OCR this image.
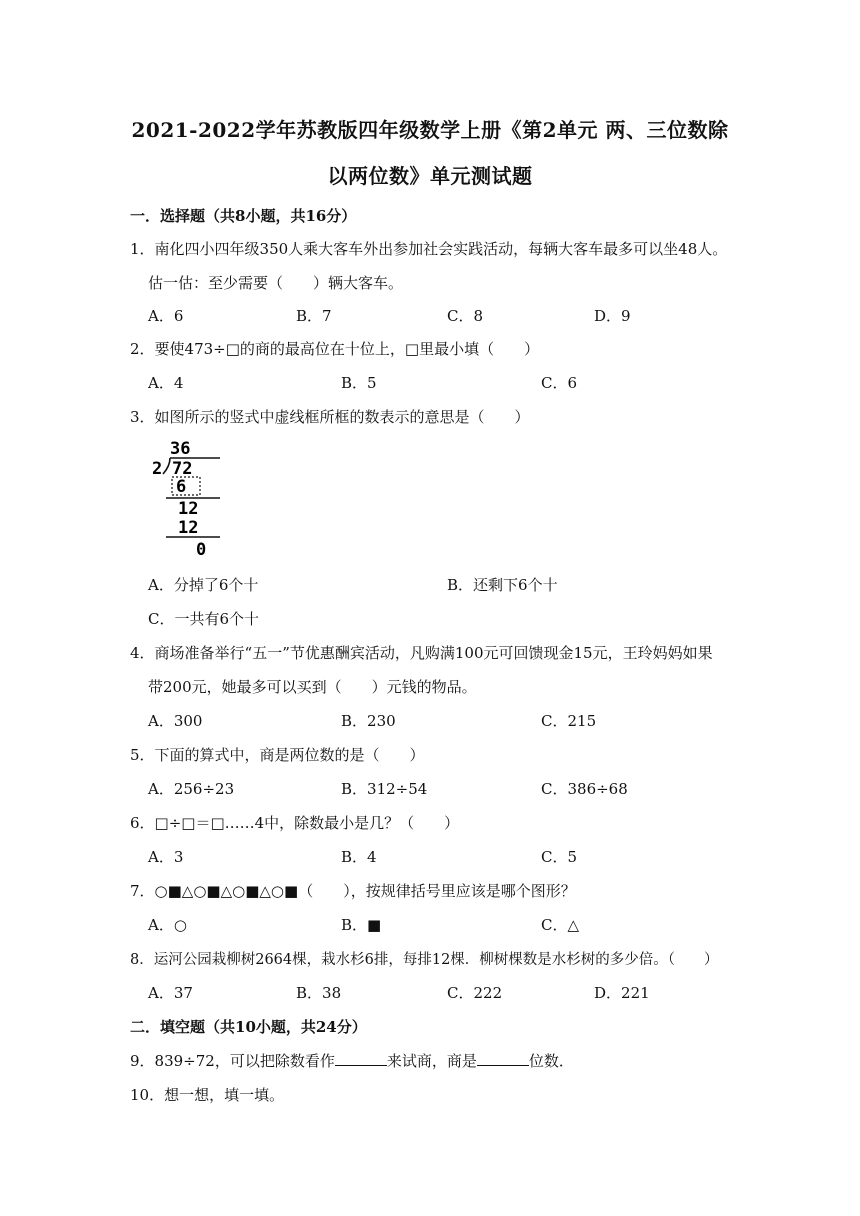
2021-2022学年苏教版四年级数学上册《第2单元 两、三位数除
以两位数》单元测试题
一．选择题（共8小题，共16分）
1．南化四小四年级350人乘大客车外出参加社会实践活动，每辆大客车最多可以坐48人。
估一估：至少需要（　　）辆大客车。
A．6	B．7	C．8	D．9
2．要使473÷□的商的最高位在十位上，□里最小填（　　）
A．4	B．5	C．6
3．如图所示的竖式中虚线框所框的数表示的意思是（　　）
36
2 72
6
12
12
0
A．分掉了6个十	B．还剩下6个十
C．一共有6个十
4．商场准备举行“五一”节优惠酬宾活动，凡购满100元可回馈现金15元，王玲妈妈如果
带200元，她最多可以买到（　　）元钱的物品。
A．300	B．230	C．215
5．下面的算式中，商是两位数的是（　　）
A．256÷23	B．312÷54	C．386÷68
6．□÷□＝□……4中，除数最小是几？（　　）
A．3	B．4	C．5
7．○■△○■△○■△○■（　　），按规律括号里应该是哪个图形？
A．○	B．■	C．△
8．运河公园栽柳树2664棵，栽水杉6排，每排12棵．柳树棵数是水杉树的多少倍。（　　）
A．37	B．38	C．222	D．221
二．填空题（共10小题，共24分）
9．839÷72，可以把除数看作	来试商，商是	位数．
10．想一想，填一填。
